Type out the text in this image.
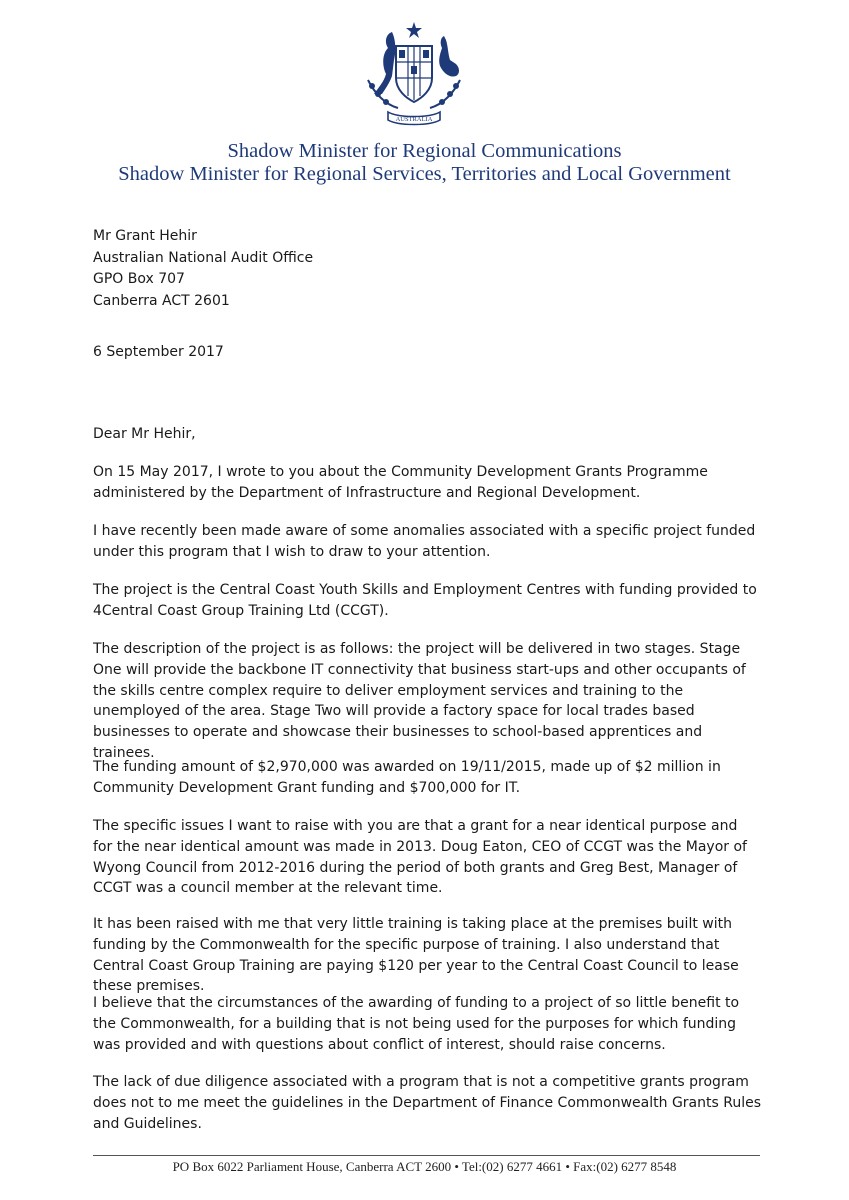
AUSTRALIA
Shadow Minister for Regional Communications
Shadow Minister for Regional Services, Territories and Local Government
Mr Grant Hehir
Australian National Audit Office
GPO Box 707
Canberra ACT 2601
6 September 2017
Dear Mr Hehir,

On 15 May 2017, I wrote to you about the Community Development Grants Programme administered by the Department of Infrastructure and Regional Development.

I have recently been made aware of some anomalies associated with a specific project funded under this program that I wish to draw to your attention.

The project is the Central Coast Youth Skills and Employment Centres with funding provided to 4Central Coast Group Training Ltd (CCGT).

The description of the project is as follows: the project will be delivered in two stages. Stage One will provide the backbone IT connectivity that business start-ups and other occupants of the skills centre complex require to deliver employment services and training to the unemployed of the area. Stage Two will provide a factory space for local trades based businesses to operate and showcase their businesses to school-based apprentices and trainees.

The funding amount of $2,970,000 was awarded on 19/11/2015, made up of $2 million in Community Development Grant funding and $700,000 for IT.

The specific issues I want to raise with you are that a grant for a near identical purpose and for the near identical amount was made in 2013. Doug Eaton, CEO of CCGT was the Mayor of Wyong Council from 2012-2016 during the period of both grants and Greg Best, Manager of CCGT was a council member at the relevant time.

It has been raised with me that very little training is taking place at the premises built with funding by the Commonwealth for the specific purpose of training. I also understand that Central Coast Group Training are paying $120 per year to the Central Coast Council to lease these premises.

I believe that the circumstances of the awarding of funding to a project of so little benefit to the Commonwealth, for a building that is not being used for the purposes for which funding was provided and with questions about conflict of interest, should raise concerns.

The lack of due diligence associated with a program that is not a competitive grants program does not to me meet the guidelines in the Department of Finance Commonwealth Grants Rules and Guidelines.

PO Box 6022 Parliament House, Canberra ACT 2600 • Tel:(02) 6277 4661 • Fax:(02) 6277 8548
